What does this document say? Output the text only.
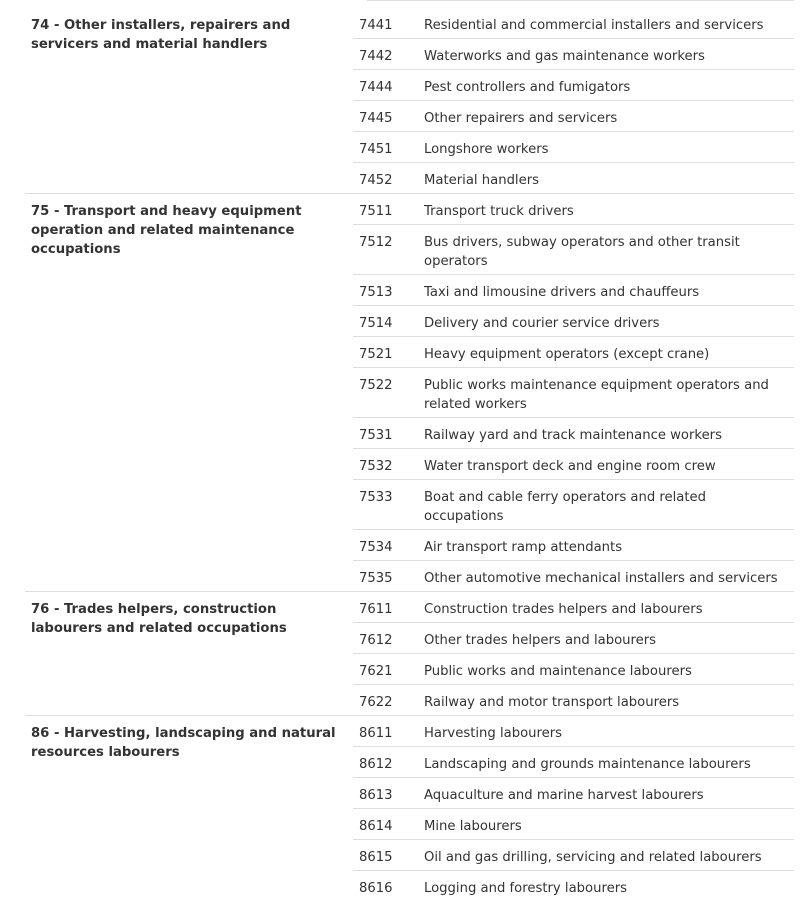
74 - Other installers, repairers and servicers and material handlers	7441	Residential and commercial installers and servicers
	7442	Waterworks and gas maintenance workers
	7444	Pest controllers and fumigators
	7445	Other repairers and servicers
	7451	Longshore workers
	7452	Material handlers
75 - Transport and heavy equipment operation and related maintenance occupations	7511	Transport truck drivers
	7512	Bus drivers, subway operators and other transit operators
	7513	Taxi and limousine drivers and chauffeurs
	7514	Delivery and courier service drivers
	7521	Heavy equipment operators (except crane)
	7522	Public works maintenance equipment operators and related workers
	7531	Railway yard and track maintenance workers
	7532	Water transport deck and engine room crew
	7533	Boat and cable ferry operators and related occupations
	7534	Air transport ramp attendants
	7535	Other automotive mechanical installers and servicers
76 - Trades helpers, construction labourers and related occupations	7611	Construction trades helpers and labourers
	7612	Other trades helpers and labourers
	7621	Public works and maintenance labourers
	7622	Railway and motor transport labourers
86 - Harvesting, landscaping and natural resources labourers	8611	Harvesting labourers
	8612	Landscaping and grounds maintenance labourers
	8613	Aquaculture and marine harvest labourers
	8614	Mine labourers
	8615	Oil and gas drilling, servicing and related labourers
	8616	Logging and forestry labourers
